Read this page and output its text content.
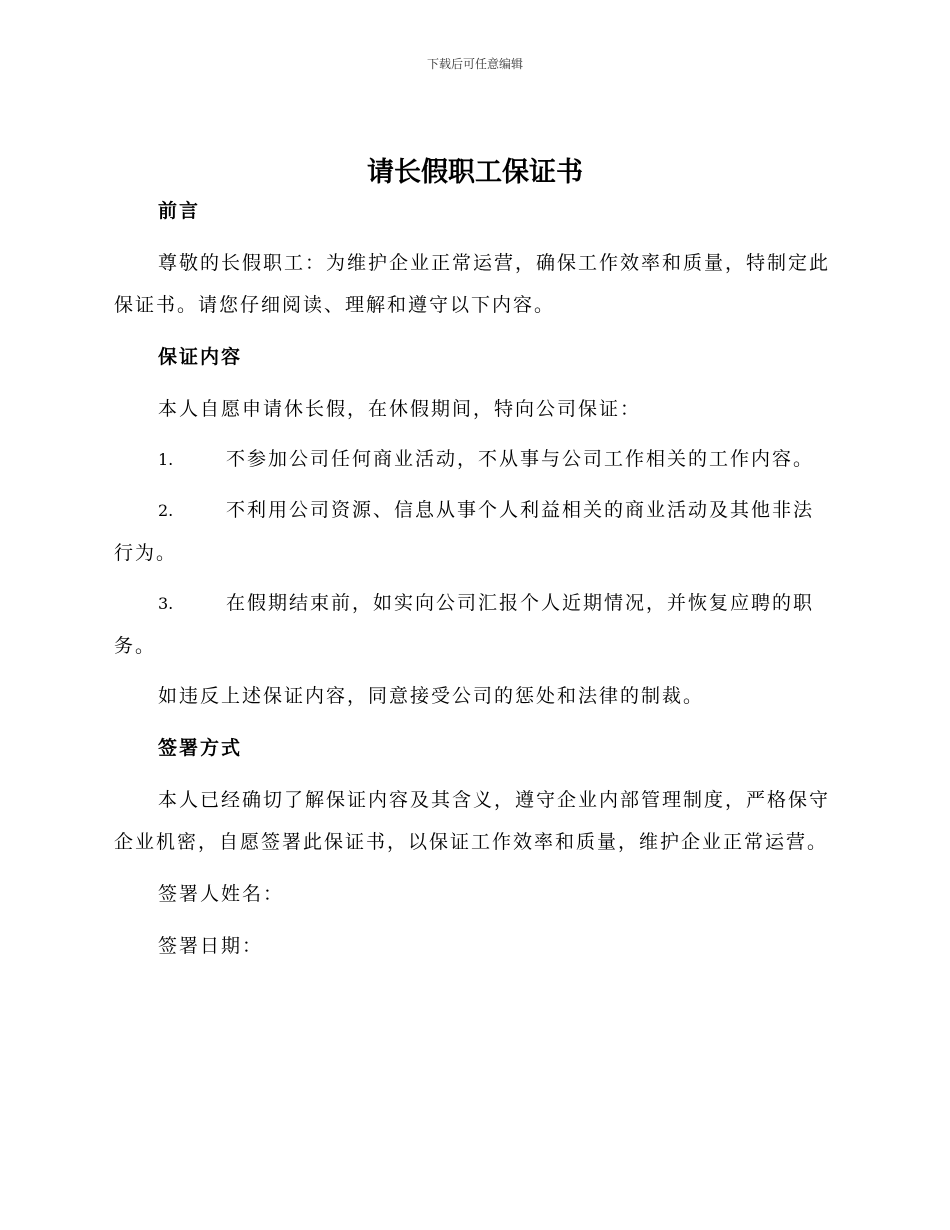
下载后可任意编辑
请长假职工保证书

前言

尊敬的长假职工：为维护企业正常运营，确保工作效率和质量，特制定此保证书。请您仔细阅读、理解和遵守以下内容。

保证内容

本人自愿申请休长假，在休假期间，特向公司保证：

1.	不参加公司任何商业活动，不从事与公司工作相关的工作内容。

2.	不利用公司资源、信息从事个人利益相关的商业活动及其他非法行为。

3.	在假期结束前，如实向公司汇报个人近期情况，并恢复应聘的职务。

如违反上述保证内容，同意接受公司的惩处和法律的制裁。

签署方式

本人已经确切了解保证内容及其含义，遵守企业内部管理制度，严格保守企业机密，自愿签署此保证书，以保证工作效率和质量，维护企业正常运营。

签署人姓名：

签署日期：
